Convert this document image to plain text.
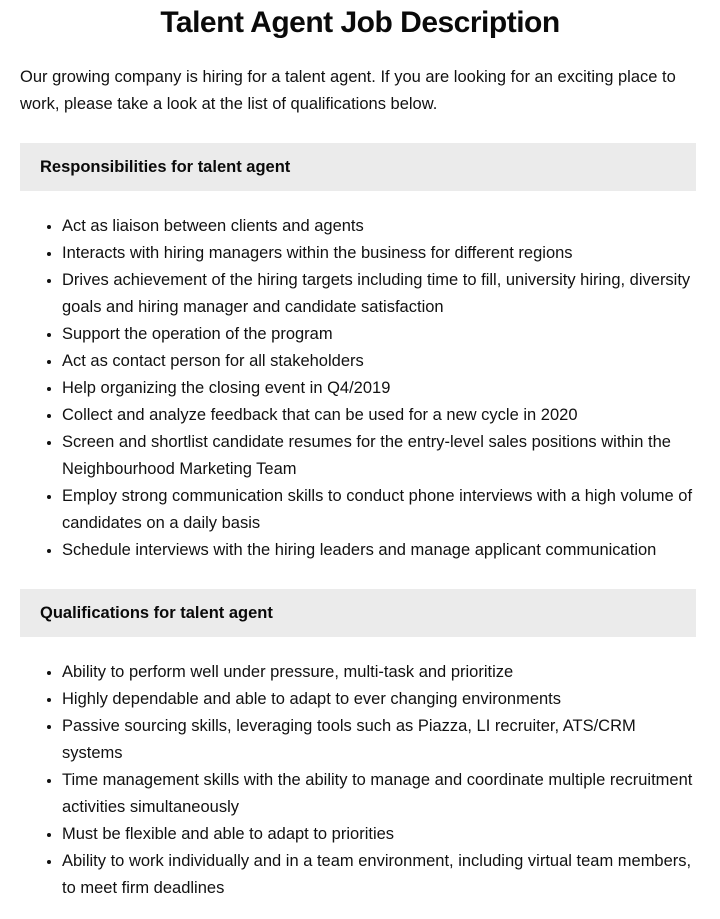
Talent Agent Job Description

Our growing company is hiring for a talent agent. If you are looking for an exciting place to work, please take a look at the list of qualifications below.

Responsibilities for talent agent
• Act as liaison between clients and agents
• Interacts with hiring managers within the business for different regions
• Drives achievement of the hiring targets including time to fill, university hiring, diversity goals and hiring manager and candidate satisfaction
• Support the operation of the program
• Act as contact person for all stakeholders
• Help organizing the closing event in Q4/2019
• Collect and analyze feedback that can be used for a new cycle in 2020
• Screen and shortlist candidate resumes for the entry-level sales positions within the Neighbourhood Marketing Team
• Employ strong communication skills to conduct phone interviews with a high volume of candidates on a daily basis
• Schedule interviews with the hiring leaders and manage applicant communication
Qualifications for talent agent
• Ability to perform well under pressure, multi-task and prioritize
• Highly dependable and able to adapt to ever changing environments
• Passive sourcing skills, leveraging tools such as Piazza, LI recruiter, ATS/CRM systems
• Time management skills with the ability to manage and coordinate multiple recruitment activities simultaneously
• Must be flexible and able to adapt to priorities
• Ability to work individually and in a team environment, including virtual team members, to meet firm deadlines
